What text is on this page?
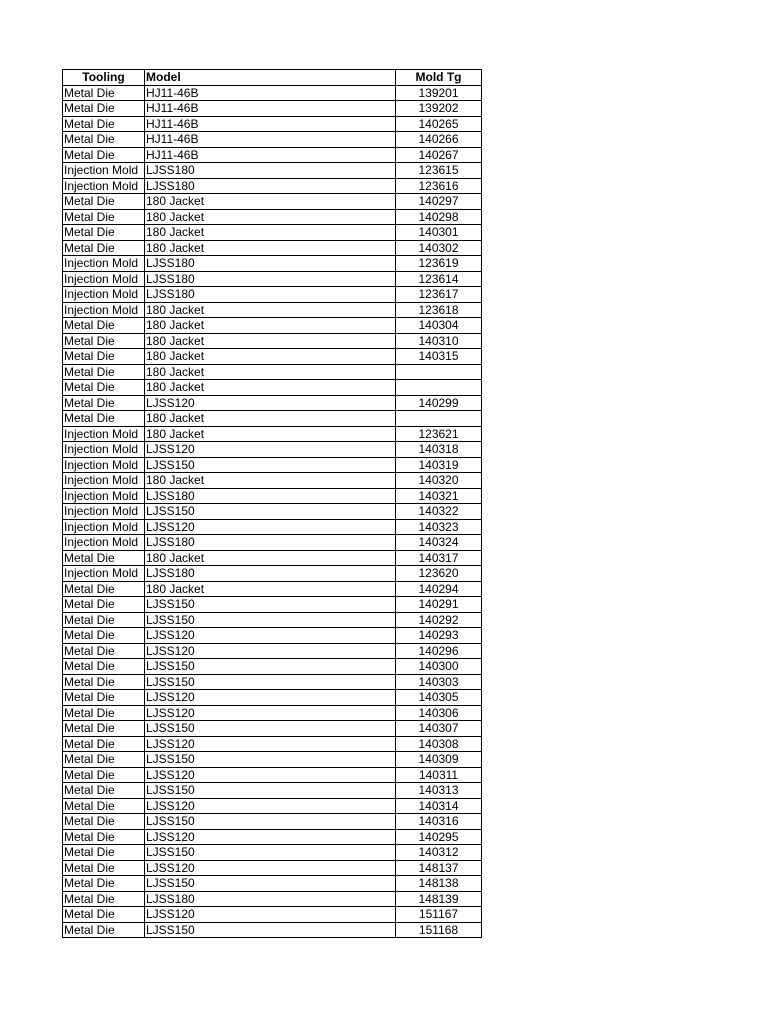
Tooling	Model	Mold Tg
Metal Die	HJ11-46B	139201
Metal Die	HJ11-46B	139202
Metal Die	HJ11-46B	140265
Metal Die	HJ11-46B	140266
Metal Die	HJ11-46B	140267
Injection Mold	LJSS180	123615
Injection Mold	LJSS180	123616
Metal Die	180 Jacket	140297
Metal Die	180 Jacket	140298
Metal Die	180 Jacket	140301
Metal Die	180 Jacket	140302
Injection Mold	LJSS180	123619
Injection Mold	LJSS180	123614
Injection Mold	LJSS180	123617
Injection Mold	180 Jacket	123618
Metal Die	180 Jacket	140304
Metal Die	180 Jacket	140310
Metal Die	180 Jacket	140315
Metal Die	180 Jacket	
Metal Die	180 Jacket	
Metal Die	LJSS120	140299
Metal Die	180 Jacket	
Injection Mold	180 Jacket	123621
Injection Mold	LJSS120	140318
Injection Mold	LJSS150	140319
Injection Mold	180 Jacket	140320
Injection Mold	LJSS180	140321
Injection Mold	LJSS150	140322
Injection Mold	LJSS120	140323
Injection Mold	LJSS180	140324
Metal Die	180 Jacket	140317
Injection Mold	LJSS180	123620
Metal Die	180 Jacket	140294
Metal Die	LJSS150	140291
Metal Die	LJSS150	140292
Metal Die	LJSS120	140293
Metal Die	LJSS120	140296
Metal Die	LJSS150	140300
Metal Die	LJSS150	140303
Metal Die	LJSS120	140305
Metal Die	LJSS120	140306
Metal Die	LJSS150	140307
Metal Die	LJSS120	140308
Metal Die	LJSS150	140309
Metal Die	LJSS120	140311
Metal Die	LJSS150	140313
Metal Die	LJSS120	140314
Metal Die	LJSS150	140316
Metal Die	LJSS120	140295
Metal Die	LJSS150	140312
Metal Die	LJSS120	148137
Metal Die	LJSS150	148138
Metal Die	LJSS180	148139
Metal Die	LJSS120	151167
Metal Die	LJSS150	151168
